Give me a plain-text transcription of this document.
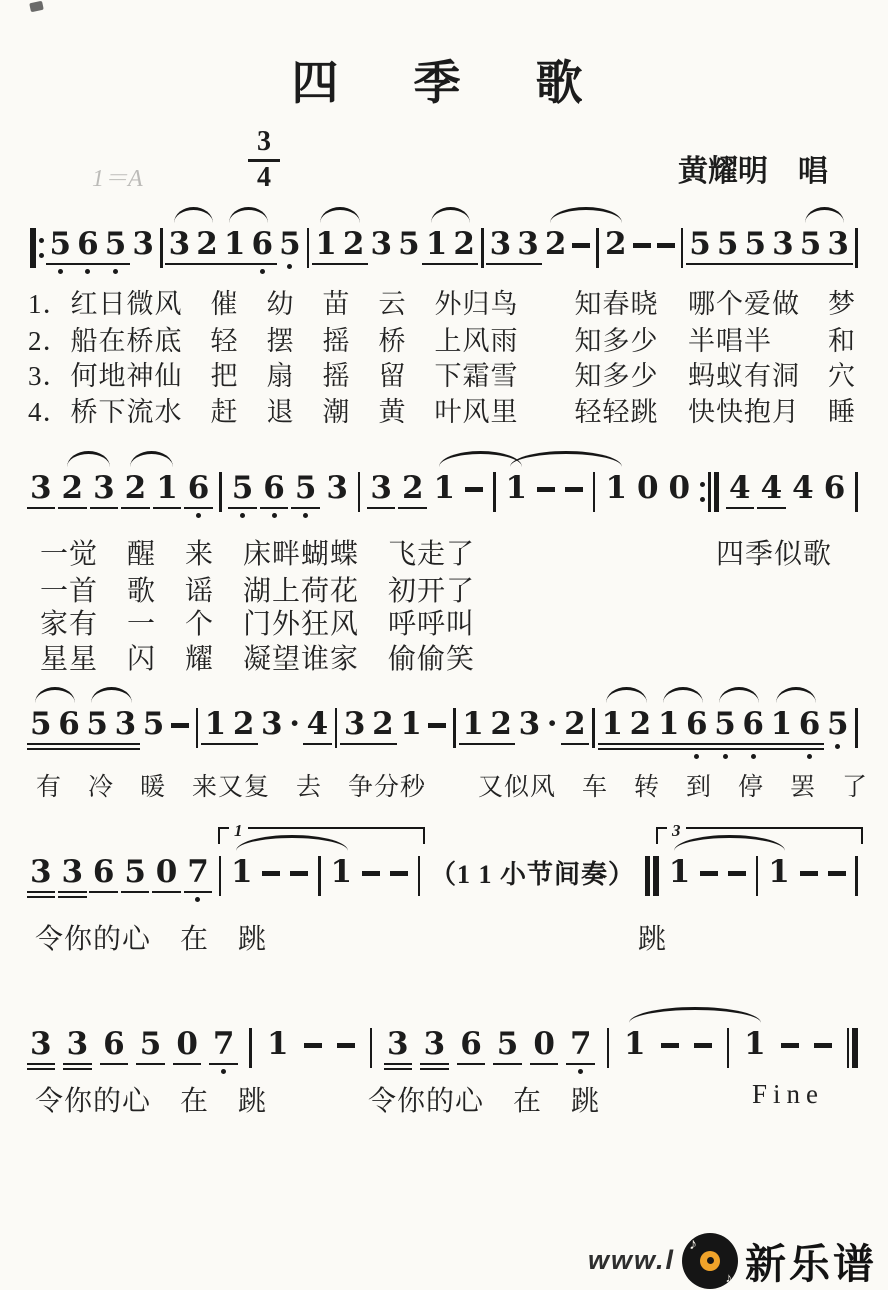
四　季　歌
1＝A
3
4	黄耀明　唱
5 6 5 3 3 2 1 6 5 1 2 3 5 1 2 3 3 2 2 5 5 5 3 5 3
3 2 3 2 1 6 5 6 5 3 3 2 1 1	1 0 0 4 4 4 6
5 6 5 3 5 1 2 3 · 4 3 2 1 1 2 3 · 2 1 2 1 6 5 6 1 6 5
3 3 6 5 0 7 1	1	（1 1 小节间奏） 1	1
1	3
3 3 6 5 0 7 1	3 3 6 5 0 7 1	1
1．红日微风　催　幼　苗　云　外归鸟　　知春晓 哪个爱做　梦
2．船在桥底　轻　摆　摇　桥　上风雨　　知多少 半唱半　　和
3．何地神仙　把　扇　摇　留　下霜雪　　知多少 蚂蚁有洞　穴
4．桥下流水　赶　退　潮　黄　叶风里　　轻轻跳 快快抱月　睡
一觉　醒　来　床畔蝴蝶　飞走了	四季似歌
一首　歌　谣　湖上荷花　初开了
家有　一　个　门外狂风　呼呼叫
星星　闪　耀　凝望谁家　偷偷笑
有　冷　暖　来又复　去　争分秒　　又似风　车　转　到　停　罢　了
令你的心　在　跳	跳
令你的心　在　跳	令你的心　在　跳	Fine
www.l
♪
♪ 新乐谱
